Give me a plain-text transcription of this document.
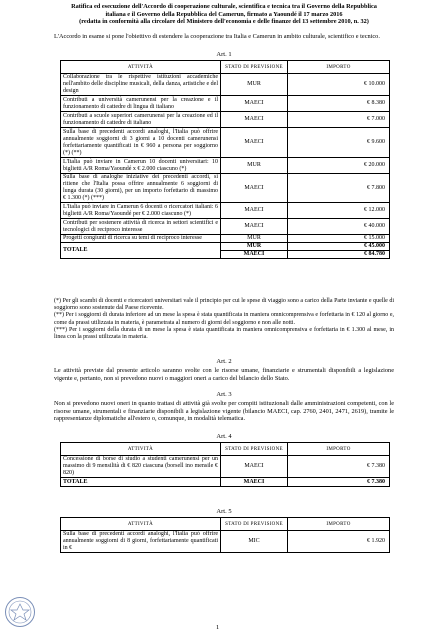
Ratifica ed esecuzione dell'Accordo di cooperazione culturale, scientifica e tecnica tra il Governo della Repubblica
italiana e il Governo della Repubblica del Camerun, firmato a Yaoundé il 17 marzo 2016
(redatta in conformità alla circolare del Ministero dell'economia e delle finanze del 13 settembre 2010, n. 32)
L'Accordo in esame si pone l'obiettivo di estendere la cooperazione tra Italia e Camerun in ambito culturale, scientifico e tecnico.
Art. 1
ATTIVITÀ	STATO DI PREVISIONE	IMPORTO
Collaborazione tra le rispettive istituzioni accademiche nell'ambito delle discipline musicali, della danza, artistiche e del design	MUR	€ 10.000
Contributi a università camerunensi per la creazione e il funzionamento di cattedre di lingua di italiano	MAECI	€ 8.380
Contributi a scuole superiori camerunensi per la creazione ed il funzionamento di cattedre di italiano	MAECI	€ 7.000
Sulla base di precedenti accordi analoghi, l'Italia può offrire annualmente soggiorni di 3 giorni a 10 docenti camerunensi forfettariamente quantificati in € 960 a persona per soggiorno (*) (**)	MAECI	€ 9.600
L'Italia può inviare in Camerun 10 docenti universitari: 10 biglietti A/R Roma/Yaoundé x € 2.000 ciascuno (*)	MUR	€ 20.000
Sulla base di analoghe iniziative dei precedenti accordi, si ritiene che l'Italia possa offrire annualmente 6 soggiorni di lunga durata (30 giorni), per un importo forfettario di massimo € 1.300 (*) (***)	MAECI	€ 7.800
L'Italia può inviare in Camerun 6 docenti o ricercatori italiani: 6 biglietti A/R Roma/Yaoundé per € 2.000 ciascuno (*)	MAECI	€ 12.000
Contributi per sostenere attività di ricerca in settori scientifici e tecnologici di reciproco interesse	MAECI	€ 40.000
Progetti congiunti di ricerca su temi di reciproco interesse	MUR	€ 15.000
TOTALE	MUR	€ 45.000
	MAECI	€ 84.780
(*) Per gli scambi di docenti e ricercatori universitari vale il principio per cui le spese di viaggio sono a carico della Parte inviante e quelle di soggiorno sono sostenute dal Paese ricevente.
(**) Per i soggiorni di durata inferiore ad un mese la spesa è stata quantificata in maniera omnicomprensiva e forfettaria in € 120 al giorno e, come da prassi utilizzata in materia, è parametrata al numero di giorni del soggiorno e non alle notti.
(***) Per i soggiorni della durata di un mese la spesa è stata quantificata in maniera omnicomprensiva e forfettaria in € 1.300 al mese, in linea con la prassi utilizzata in materia.
Art. 2
Le attività previste dal presente articolo saranno svolte con le risorse umane, finanziarie e strumentali disponibili a legislazione vigente e, pertanto, non si prevedono nuovi o maggiori oneri a carico del bilancio dello Stato.
Art. 3
Non si prevedono nuovi oneri in quanto trattasi di attività già svolte per compiti istituzionali dalle amministrazioni competenti, con le risorse umane, strumentali e finanziarie disponibili a legislazione vigente (bilancio MAECI, cap. 2760, 2401, 2471, 2619), tramite le rappresentanze diplomatiche all'estero o, comunque, in modalità telematica.
Art. 4
ATTIVITÀ	STATO DI PREVISIONE	IMPORTO
Concessione di borse di studio a studenti camerunensi per un massimo di 9 mensilità di € 820 ciascuna (borsell ino mensile € 820)	MAECI	€ 7.380
TOTALE	MAECI	€ 7.380
Art. 5
ATTIVITÀ	STATO DI PREVISIONE	IMPORTO
Sulla base di precedenti accordi analoghi, l'Italia può offrire annualmente soggiorni di 8 giorni, forfettariamente quantificati in €	MIC	€ 1.920
1
